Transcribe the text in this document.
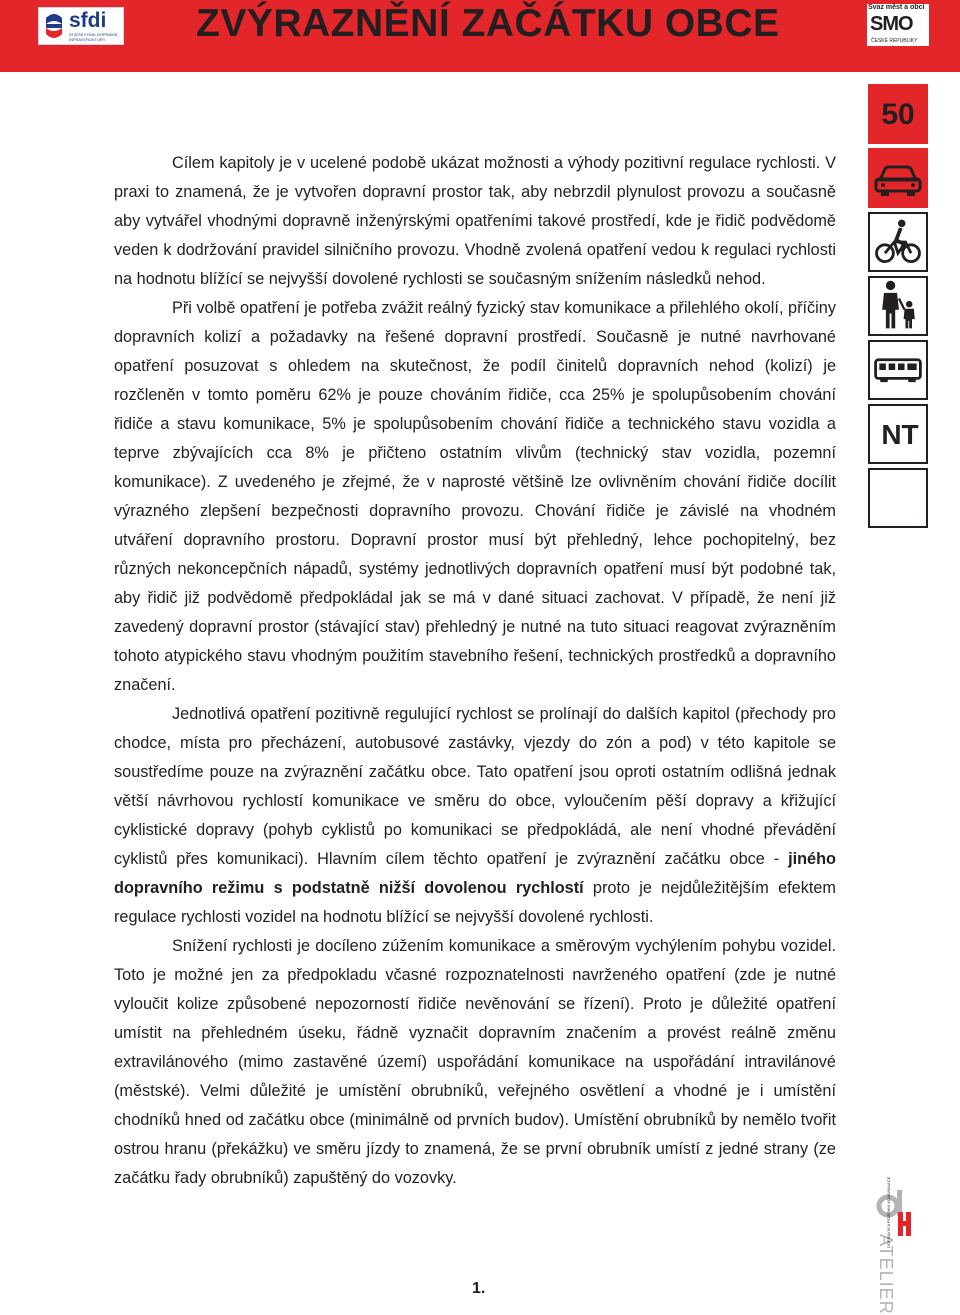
sfdi
STÁTNÍ FOND DOPRAVNÍ INFRASTRUKTURY	ZVÝRAZNĚNÍ ZAČÁTKU OBCE	Svaz měst a obcí
SMO
ČESKÉ REPUBLIKY
50
NT

Cílem kapitoly je v ucelené podobě ukázat možnosti a výhody pozitivní regulace rychlosti. V praxi to znamená, že je vytvořen dopravní prostor tak, aby nebrzdil plynulost provozu a současně aby vytvářel vhodnými dopravně inženýrskými opatřeními takové prostředí, kde je řidič podvědomě veden k dodržování pravidel silničního provozu. Vhodně zvolená opatření vedou k regulaci rychlosti na hodnotu blížící se nejvyšší dovolené rychlosti se současným snížením následků nehod.

Při volbě opatření je potřeba zvážit reálný fyzický stav komunikace a přilehlého okolí, příčiny dopravních kolizí a požadavky na řešené dopravní prostředí. Současně je nutné navrhované opatření posuzovat s ohledem na skutečnost, že podíl činitelů dopravních nehod (kolizí) je rozčleněn v tomto poměru 62% je pouze chováním řidiče, cca 25% je spolupůsobením chování řidiče a stavu komunikace, 5% je spolupůsobením chování řidiče a technického stavu vozidla a teprve zbývajících cca 8% je přičteno ostatním vlivům (technický stav vozidla, pozemní komunikace). Z uvedeného je zřejmé, že v naprosté většině lze ovlivněním chování řidiče docílit výrazného zlepšení bezpečnosti dopravního provozu. Chování řidiče je závislé na vhodném utváření dopravního prostoru. Dopravní prostor musí být přehledný, lehce pochopitelný, bez různých nekoncepčních nápadů, systémy jednotlivých dopravních opatření musí být podobné tak, aby řidič již podvědomě předpokládal jak se má v dané situaci zachovat. V případě, že není již zavedený dopravní prostor (stávající stav) přehledný je nutné na tuto situaci reagovat zvýrazněním tohoto atypického stavu vhodným použitím stavebního řešení, technických prostředků a dopravního značení.

Jednotlivá opatření pozitivně regulující rychlost se prolínají do dalších kapitol (přechody pro chodce, místa pro přecházení, autobusové zastávky, vjezdy do zón a pod) v této kapitole se soustředíme pouze na zvýraznění začátku obce. Tato opatření jsou oproti ostatním odlišná jednak větší návrhovou rychlostí komunikace ve směru do obce, vyloučením pěší dopravy a křižující cyklistické dopravy (pohyb cyklistů po komunikaci se předpokládá, ale není vhodné převádění cyklistů přes komunikaci). Hlavním cílem těchto opatření je zvýraznění začátku obce - jiného dopravního režimu s podstatně nižší dovolenou rychlostí proto je nejdůležitějším efektem regulace rychlosti vozidel na hodnotu blížící se nejvyšší dovolené rychlosti.

Snížení rychlosti je docíleno zúžením komunikace a směrovým vychýlením pohybu vozidel. Toto je možné jen za předpokladu včasné rozpoznatelnosti navrženého opatření (zde je nutné vyloučit kolize způsobené nepozorností řidiče nevěnování se řízení). Proto je důležité opatření umístit na přehledném úseku, řádně vyznačit dopravním značením a provést reálně změnu extravilánového (mimo zastavěné území) uspořádání komunikace na uspořádání intravilánové (městské). Velmi důležité je umístění obrubníků, veřejného osvětlení a vhodné je i umístění chodníků hned od začátku obce (minimálně od prvních budov). Umístění obrubníků by nemělo tvořit ostrou hranu (překážku) ve směru jízdy to znamená, že se první obrubník umístí z jedné strany (ze začátku řady obrubníků) zapuštěný do vozovky.

1.	ATELIER
DOPRAVNÍ A POZEMNÍ KOMUNIKACE
